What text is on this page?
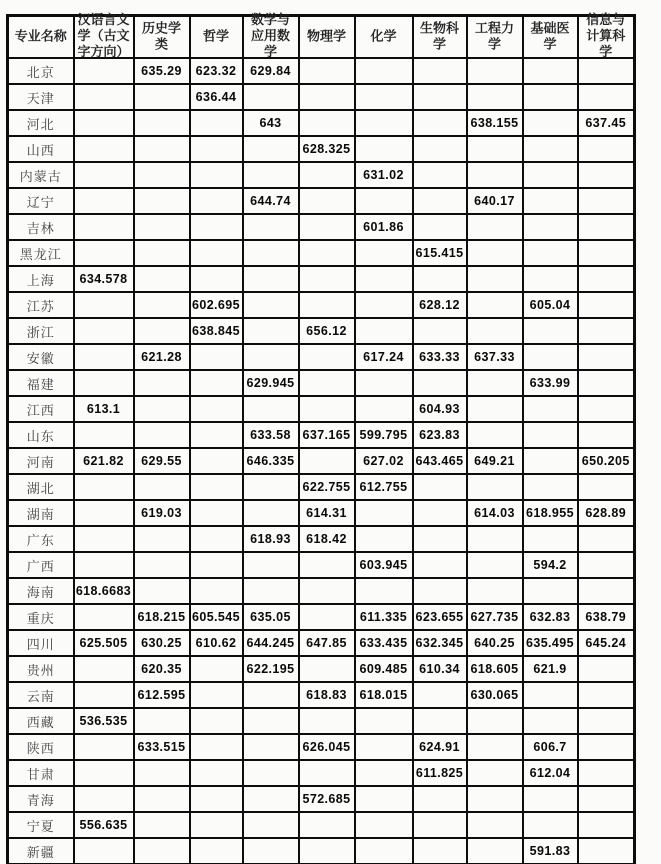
专业名称	汉语言文学（古文字方向）	历史学类	哲学	数学与应用数学	物理学	化学	生物科学	工程力学	基础医学	信息与计算科学

北京		635.29	623.32	629.84						
天津			636.44							
河北				643				638.155		637.45
山西					628.325					
内蒙古						631.02				
辽宁				644.74				640.17		
吉林						601.86				
黑龙江							615.415			
上海	634.578									
江苏			602.695				628.12		605.04	
浙江			638.845		656.12					
安徽		621.28				617.24	633.33	637.33		
福建				629.945					633.99	
江西	613.1						604.93			
山东				633.58	637.165	599.795	623.83			
河南	621.82	629.55		646.335		627.02	643.465	649.21		650.205
湖北					622.755	612.755				
湖南		619.03			614.31			614.03	618.955	628.89
广东				618.93	618.42					
广西						603.945			594.2	
海南	618.6683									
重庆		618.215	605.545	635.05		611.335	623.655	627.735	632.83	638.79
四川	625.505	630.25	610.62	644.245	647.85	633.435	632.345	640.25	635.495	645.24
贵州		620.35		622.195		609.485	610.34	618.605	621.9	
云南		612.595			618.83	618.015		630.065		
西藏	536.535									
陕西		633.515			626.045		624.91		606.7	
甘肃							611.825		612.04	
青海					572.685					
宁夏	556.635									
新疆									591.83	
